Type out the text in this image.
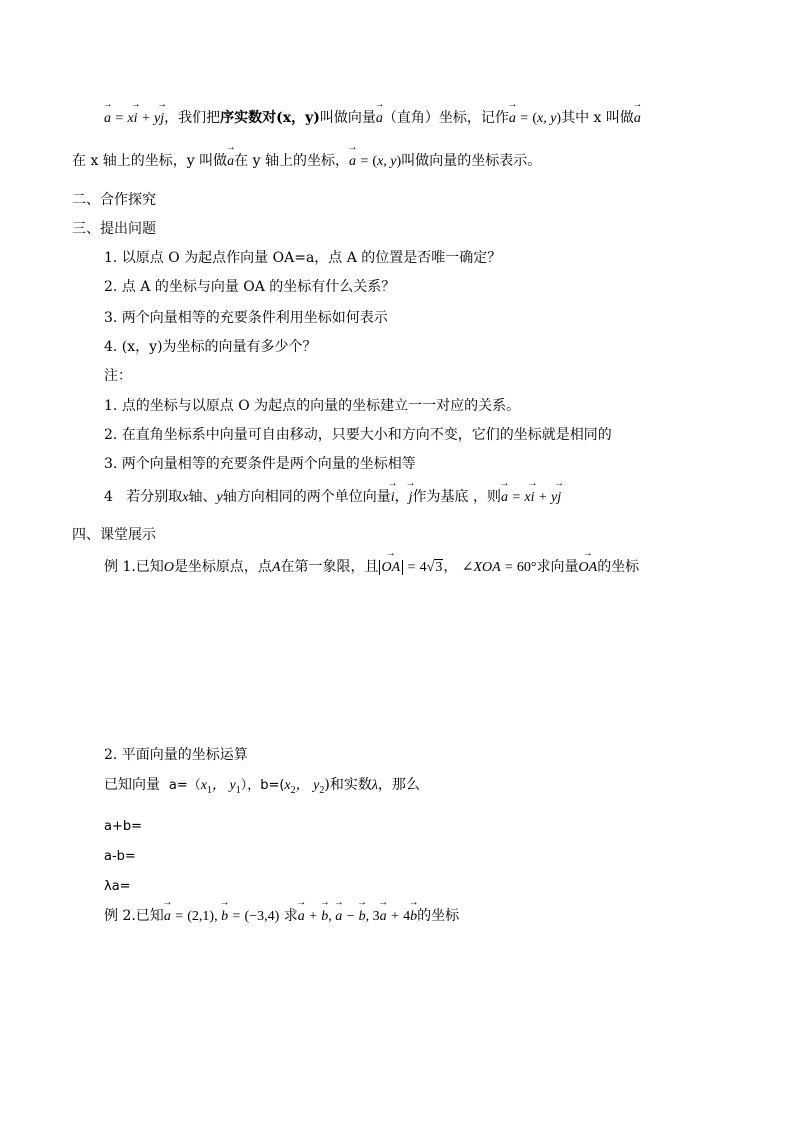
→ a = x→ i + y→ j，我们把序实数对(x，y)叫做向量→ a（直角）坐标，记作→ a = (x, y)其中 x 叫做→ a
在 x 轴上的坐标，y 叫做→ a在 y 轴上的坐标，→ a = (x, y)叫做向量的坐标表示。
二、合作探究
三、提出问题
1. 以原点 O 为起点作向量 OA=a，点 A 的位置是否唯一确定？
2. 点 A 的坐标与向量 OA 的坐标有什么关系？
3. 两个向量相等的充要条件利用坐标如何表示
4. (x，y)为坐标的向量有多少个？
注：
1. 点的坐标与以原点 O 为起点的向量的坐标建立一一对应的关系。
2. 在直角坐标系中向量可自由移动，只要大小和方向不变，它们的坐标就是相同的
3. 两个向量相等的充要条件是两个向量的坐标相等
4 若分别取x轴、y轴方向相同的两个单位向量→ i，→ j作为基底 ，则→ a = x→ i + y→ j
四、课堂展示
例 1.已知O是坐标原点，点A在第一象限，且→ OA = 4√3， ∠XOA = 60°求向量→ OA的坐标
2. 平面向量的坐标运算
已知向量 $a=(x_1$， $y_1$），$b=(x_2$， $y_2$)和实数λ，那么
a+b=
a-b=
λa=
例 2.已知→ a = (2,1), → b = (−3,4) 求→ a + → b, → a − → b, 3→ a + 4→ b的坐标
